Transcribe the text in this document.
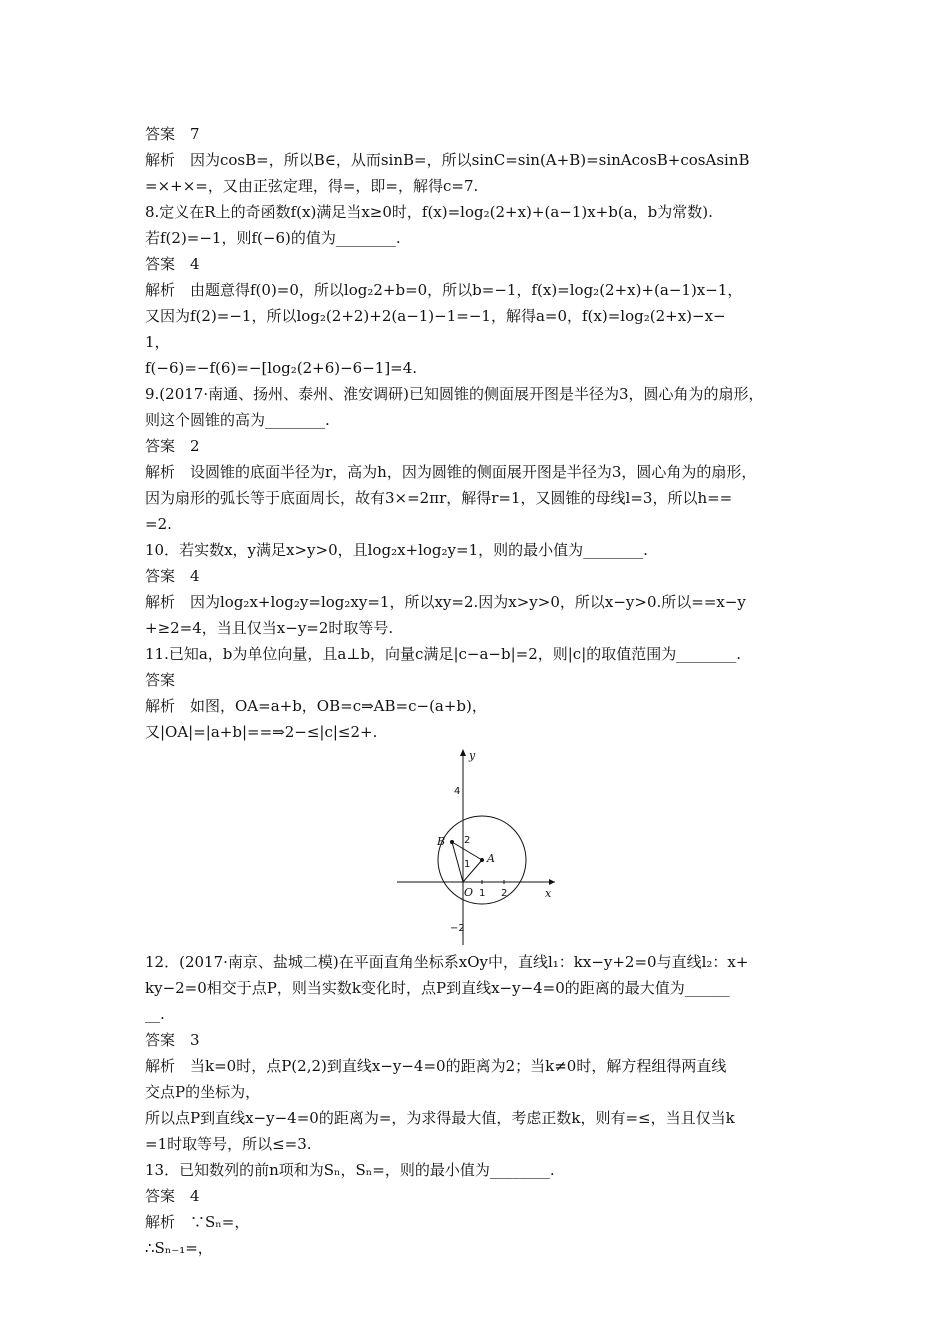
答案　7
解析　因为cosB=，所以B∈，从而sinB=，所以sinC=sin(A+B)=sinAcosB+cosAsinB
=×+×=，又由正弦定理，得=，即=，解得c=7.
8.定义在R上的奇函数f(x)满足当x≥0时，f(x)=log₂(2+x)+(a−1)x+b(a，b为常数).
若f(2)=−1，则f(−6)的值为________.
答案　4
解析　由题意得f(0)=0，所以log₂2+b=0，所以b=−1，f(x)=log₂(2+x)+(a−1)x−1，
又因为f(2)=−1，所以log₂(2+2)+2(a−1)−1=−1，解得a=0，f(x)=log₂(2+x)−x−
1，
f(−6)=−f(6)=−[log₂(2+6)−6−1]=4.
9.(2017·南通、扬州、泰州、淮安调研)已知圆锥的侧面展开图是半径为3，圆心角为的扇形，
则这个圆锥的高为________.
答案　2
解析　设圆锥的底面半径为r，高为h，因为圆锥的侧面展开图是半径为3，圆心角为的扇形，
因为扇形的弧长等于底面周长，故有3×=2πr，解得r=1，又圆锥的母线l=3，所以h==
=2.
10．若实数x，y满足x>y>0，且log₂x+log₂y=1，则的最小值为________.
答案　4
解析　因为log₂x+log₂y=log₂xy=1，所以xy=2.因为x>y>0，所以x−y>0.所以==x−y
+≥2=4，当且仅当x−y=2时取等号.
11.已知a，b为单位向量，且a⊥b，向量c满足|c−a−b|=2，则|c|的取值范围为________.
答案
解析　如图，OA=a+b，OB=c⇒AB=c−(a+b)，
又|OA|=|a+b|==⇒2−≤|c|≤2+.
x
y
O
A
B
1 2
4
2
1
−2
12．(2017·南京、盐城二模)在平面直角坐标系xOy中，直线l₁：kx−y+2=0与直线l₂：x+
ky−2=0相交于点P，则当实数k变化时，点P到直线x−y−4=0的距离的最大值为______
__.
答案　3
解析　当k=0时，点P(2,2)到直线x−y−4=0的距离为2；当k≠0时，解方程组得两直线
交点P的坐标为，
所以点P到直线x−y−4=0的距离为=，为求得最大值，考虑正数k，则有=≤，当且仅当k
=1时取等号，所以≤=3.
13．已知数列的前n项和为Sₙ，Sₙ=，则的最小值为________.
答案　4
解析　∵Sₙ=，
∴Sₙ₋₁=，
